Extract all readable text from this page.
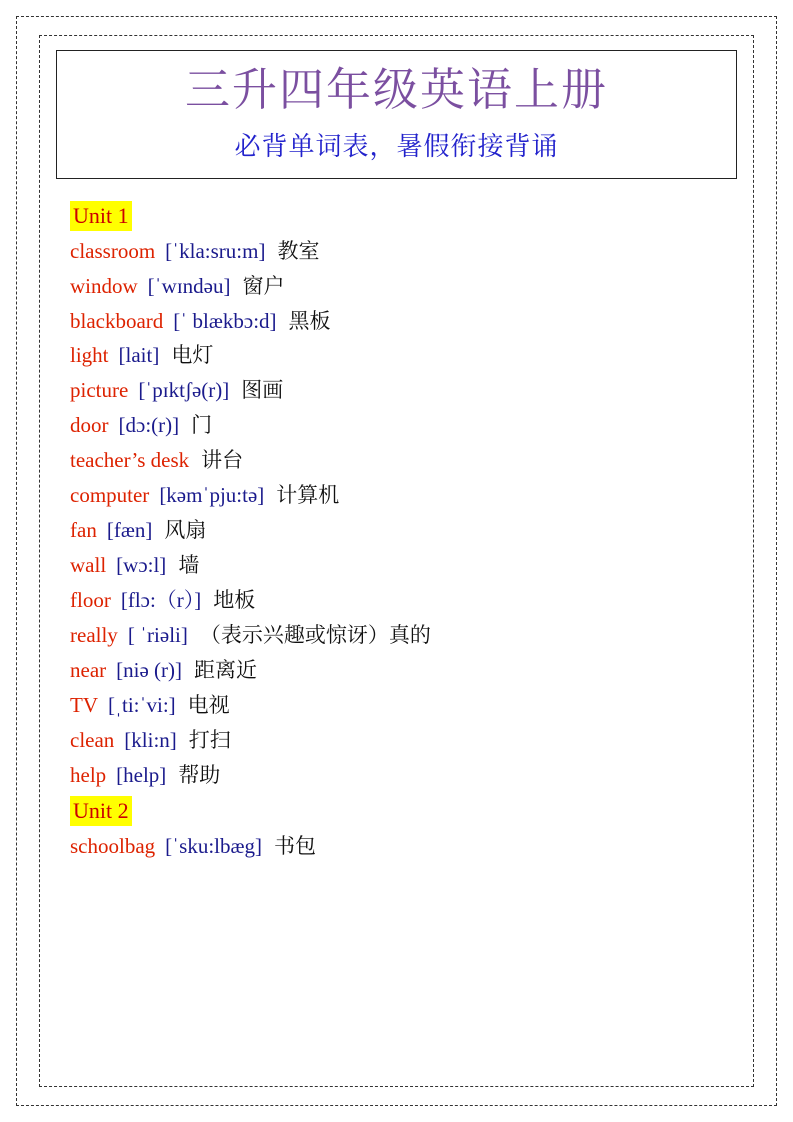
三升四年级英语上册
必背单词表，暑假衔接背诵
Unit 1
classroom [ˈkla:sru:m] 教室
window [ˈwɪndəu] 窗户
blackboard [ˈ blækbɔ:d] 黑板
light [lait] 电灯
picture [ˈpɪktʃə(r)] 图画
door [dɔ:(r)] 门
teacher’s desk 讲台
computer [kəmˈpju:tə] 计算机
fan [fæn] 风扇
wall [wɔ:l] 墙
floor [flɔ:（r）] 地板
really [ ˈriəli] （表示兴趣或惊讶）真的
near [niə (r)] 距离近
TV [ˌti:ˈvi:] 电视
clean [kli:n] 打扫
help [help] 帮助
Unit 2
schoolbag [ˈsku:lbæg] 书包
